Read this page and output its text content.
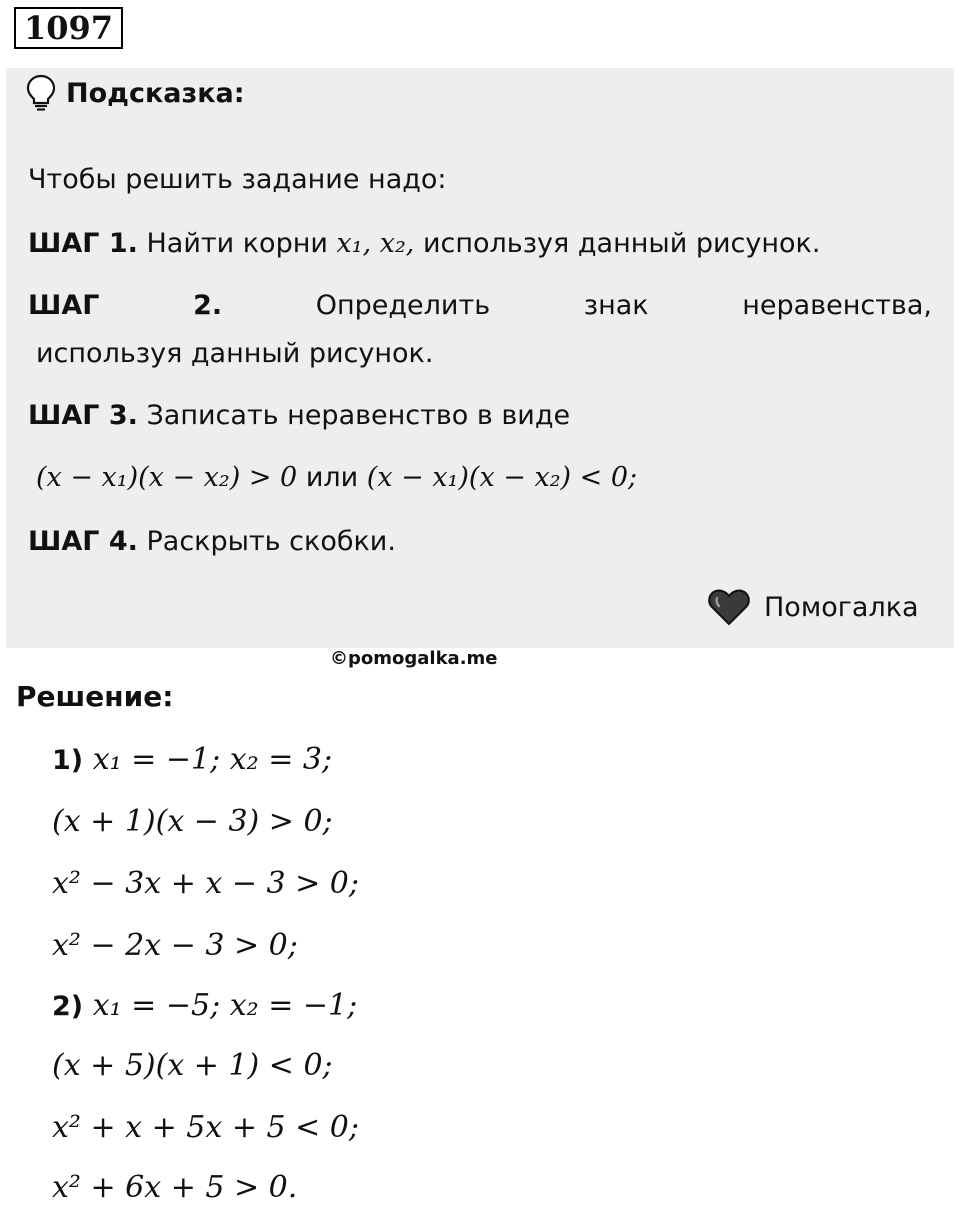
1097
Подсказка:
Чтобы решить задание надо:
ШАГ 1. Найти корни x₁, x₂, используя данный рисунок.
ШАГ	2.	Определить	знак	неравенства,
используя данный рисунок.
ШАГ 3. Записать неравенство в виде
(x − x₁)(x − x₂) > 0 или (x − x₁)(x − x₂) < 0;
ШАГ 4. Раскрыть скобки.
Помогалка
©pomogalka.me
Решение:
1) x₁ = −1; x₂ = 3;
(x + 1)(x − 3) > 0;
x² − 3x + x − 3 > 0;
x² − 2x − 3 > 0;
2) x₁ = −5; x₂ = −1;
(x + 5)(x + 1) < 0;
x² + x + 5x + 5 < 0;
x² + 6x + 5 > 0.
